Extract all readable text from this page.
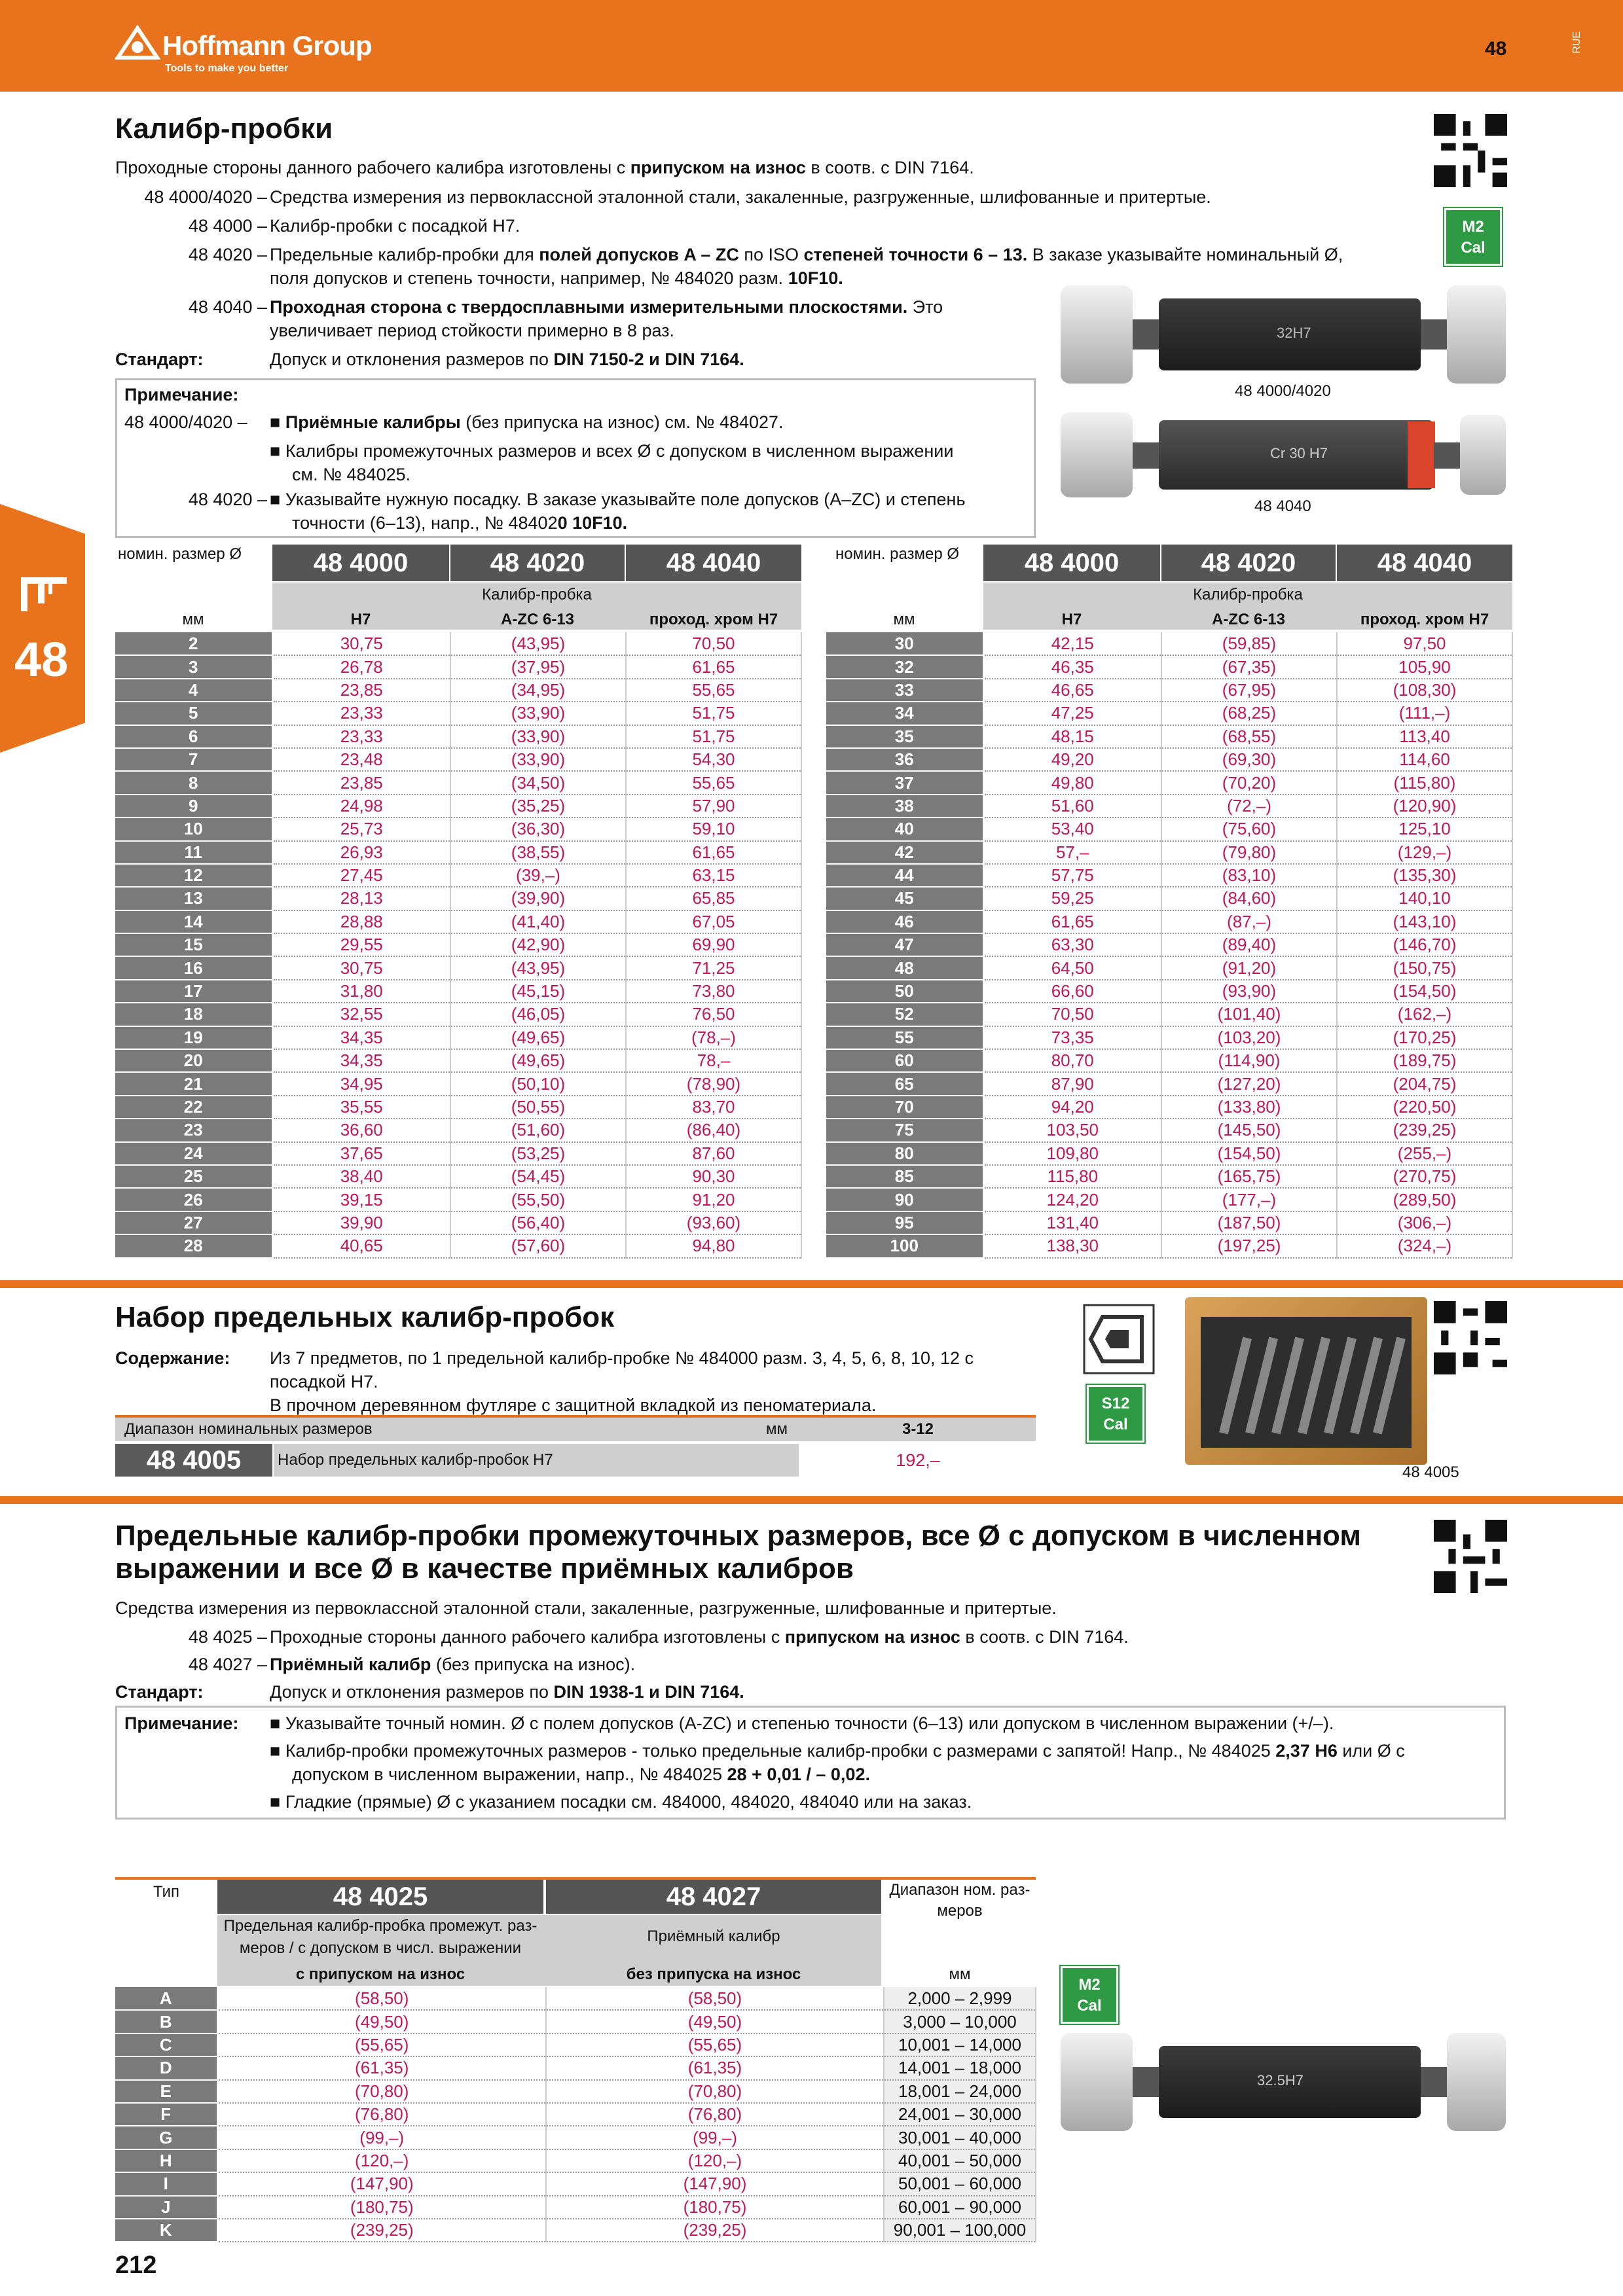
Hoffmann Group
Tools to make you better
48	RUE
48
Калибр-пробки
Проходные стороны данного рабочего калибра изготовлены с припуском на износ в соотв. с DIN 7164.
48 4000/4020 – Средства измерения из первоклассной эталонной стали, закаленные, разгруженные, шлифованные и притертые.
48 4000 – Калибр-пробки с посадкой H7.
48 4020 – Предельные калибр-пробки для полей допусков A – ZC по ISO степеней точности 6 – 13. В заказе указывайте номинальный Ø,
поля допусков и степень точности, например, № 484020 разм. 10F10.
48 4040 – Проходная сторона с твердосплавными измерительными плоскостями. Это
увеличивает период стойкости примерно в 8 раз.
Стандарт:	Допуск и отклонения размеров по DIN 7150-2 и DIN 7164.
Примечание:
48 4000/4020 – ■ Приёмные калибры (без припуска на износ) см. № 484027.
■ Калибры промежуточных размеров и всех Ø с допуском в численном выражении
см. № 484025.
48 4020 – ■ Указывайте нужную посадку. В заказе указывайте поле допусков (A–ZC) и степень
точности (6–13), напр., № 484020 10F10.
M2
Cal
32H7
48 4000/4020
Cr 30 H7
48 4040
номин. размер Ø	48 4000	48 4020	48 4040
Калибр-пробка
мм	H7	A-ZC 6-13	проход. хром H7
2	30,75	(43,95)	70,50
3	26,78	(37,95)	61,65
4	23,85	(34,95)	55,65
5	23,33	(33,90)	51,75
6	23,33	(33,90)	51,75
7	23,48	(33,90)	54,30
8	23,85	(34,50)	55,65
9	24,98	(35,25)	57,90
10	25,73	(36,30)	59,10
11	26,93	(38,55)	61,65
12	27,45	(39,–)	63,15
13	28,13	(39,90)	65,85
14	28,88	(41,40)	67,05
15	29,55	(42,90)	69,90
16	30,75	(43,95)	71,25
17	31,80	(45,15)	73,80
18	32,55	(46,05)	76,50
19	34,35	(49,65)	(78,–)
20	34,35	(49,65)	78,–
21	34,95	(50,10)	(78,90)
22	35,55	(50,55)	83,70
23	36,60	(51,60)	(86,40)
24	37,65	(53,25)	87,60
25	38,40	(54,45)	90,30
26	39,15	(55,50)	91,20
27	39,90	(56,40)	(93,60)
28	40,65	(57,60)	94,80
номин. размер Ø	48 4000	48 4020	48 4040
Калибр-пробка
мм	H7	A-ZC 6-13	проход. хром H7
30	42,15	(59,85)	97,50
32	46,35	(67,35)	105,90
33	46,65	(67,95)	(108,30)
34	47,25	(68,25)	(111,–)
35	48,15	(68,55)	113,40
36	49,20	(69,30)	114,60
37	49,80	(70,20)	(115,80)
38	51,60	(72,–)	(120,90)
40	53,40	(75,60)	125,10
42	57,–	(79,80)	(129,–)
44	57,75	(83,10)	(135,30)
45	59,25	(84,60)	140,10
46	61,65	(87,–)	(143,10)
47	63,30	(89,40)	(146,70)
48	64,50	(91,20)	(150,75)
50	66,60	(93,90)	(154,50)
52	70,50	(101,40)	(162,–)
55	73,35	(103,20)	(170,25)
60	80,70	(114,90)	(189,75)
65	87,90	(127,20)	(204,75)
70	94,20	(133,80)	(220,50)
75	103,50	(145,50)	(239,25)
80	109,80	(154,50)	(255,–)
85	115,80	(165,75)	(270,75)
90	124,20	(177,–)	(289,50)
95	131,40	(187,50)	(306,–)
100	138,30	(197,25)	(324,–)
Набор предельных калибр-пробок
Содержание: Из 7 предметов, по 1 предельной калибр-пробке № 484000 разм. 3, 4, 5, 6, 8, 10, 12 с
посадкой H7.
В прочном деревянном футляре с защитной вкладкой из пеноматериала.
Диапазон номинальных размеров	мм	3-12
48 4005	Набор предельных калибр-пробок H7	192,–
S12
Cal
48 4005
Предельные калибр-пробки промежуточных размеров, все Ø с допуском в численном
выражении и все Ø в качестве приёмных калибров
Средства измерения из первоклассной эталонной стали, закаленные, разгруженные, шлифованные и притертые.
48 4025 – Проходные стороны данного рабочего калибра изготовлены с припуском на износ в соотв. с DIN 7164.
48 4027 – Приёмный калибр (без припуска на износ).
Стандарт:	Допуск и отклонения размеров по DIN 1938-1 и DIN 7164.
Примечание: ■ Указывайте точный номин. Ø с полем допусков (A-ZC) и степенью точности (6–13) или допуском в численном выражении (+/–).
■ Калибр-пробки промежуточных размеров - только предельные калибр-пробки с размерами с запятой! Напр., № 484025 2,37 H6 или Ø с
допуском в численном выражении, напр., № 484025 28 + 0,01 / – 0,02.
■ Гладкие (прямые) Ø с указанием посадки см. 484000, 484020, 484040 или на заказ.
Тип	48 4025	48 4027	Диапазон ном. раз-
меров
Предельная калибр-пробка промежут. раз-
меров / с допуском в числ. выражении
Приёмный калибр
с припуском на износ	без припуска на износ	мм
A	(58,50)	(58,50)	2,000 – 2,999
B	(49,50)	(49,50)	3,000 – 10,000
C	(55,65)	(55,65)	10,001 – 14,000
D	(61,35)	(61,35)	14,001 – 18,000
E	(70,80)	(70,80)	18,001 – 24,000
F	(76,80)	(76,80)	24,001 – 30,000
G	(99,–)	(99,–)	30,001 – 40,000
H	(120,–)	(120,–)	40,001 – 50,000
I	(147,90)	(147,90)	50,001 – 60,000
J	(180,75)	(180,75)	60,001 – 90,000
K	(239,25)	(239,25)	90,001 – 100,000
M2
Cal
32.5H7
212
